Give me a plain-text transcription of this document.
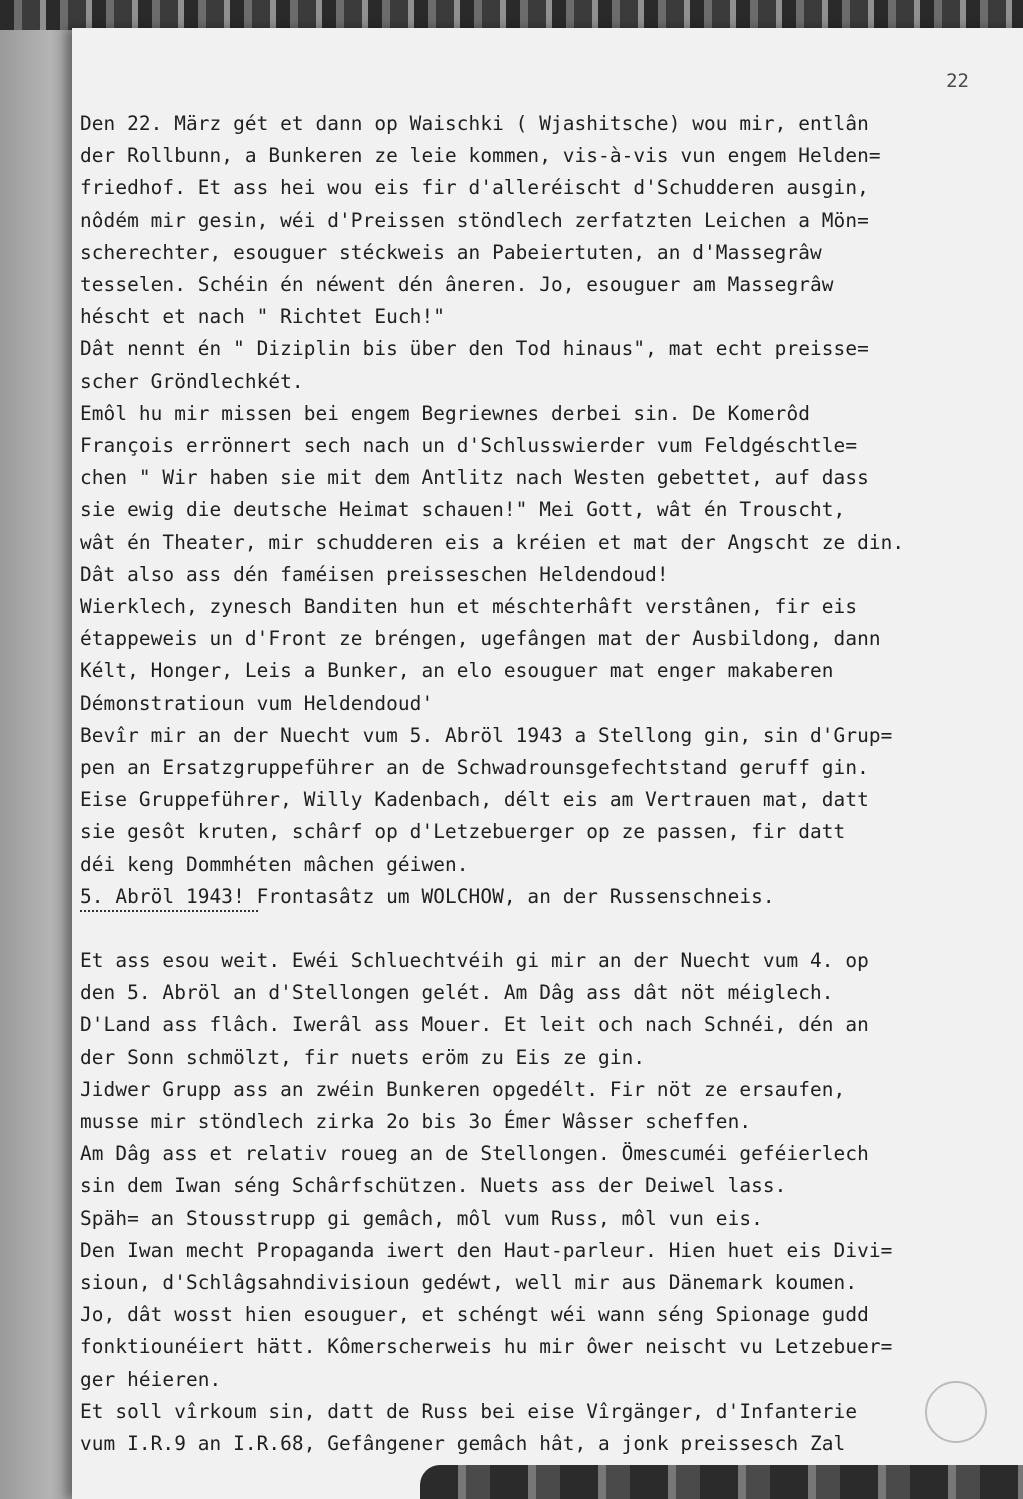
22
Den 22. März gét et dann op Waischki ( Wjashitsche) wou mir, entlân
der Rollbunn, a Bunkeren ze leie kommen, vis-à-vis vun engem Helden=
friedhof. Et ass hei wou eis fir d'alleréischt d'Schudderen ausgin,
nôdém mir gesin, wéi d'Preissen stöndlech zerfatzten Leichen a Mön=
scherechter, esouguer stéckweis an Pabeiertuten, an d'Massegrâw
tesselen. Schéin én néwent dén âneren. Jo, esouguer am Massegrâw
héscht et nach " Richtet Euch!"
Dât nennt én " Diziplin bis über den Tod hinaus", mat echt preisse=
scher Gröndlechkét.
Emôl hu mir missen bei engem Begriewnes derbei sin. De Komerôd
François errönnert sech nach un d'Schlusswierder vum Feldgéschtle=
chen " Wir haben sie mit dem Antlitz nach Westen gebettet, auf dass
sie ewig die deutsche Heimat schauen!" Mei Gott, wât én Trouscht,
wât én Theater, mir schudderen eis a kréien et mat der Angscht ze din.
Dât also ass dén faméisen preisseschen Heldendoud!
Wierklech, zynesch Banditen hun et méschterhâft verstânen, fir eis
étappeweis un d'Front ze bréngen, ugefângen mat der Ausbildong, dann
Kélt, Honger, Leis a Bunker, an elo esouguer mat enger makaberen
Démonstratioun vum Heldendoud'
Bevîr mir an der Nuecht vum 5. Abröl 1943 a Stellong gin, sin d'Grup=
pen an Ersatzgruppeführer an de Schwadrounsgefechtstand geruff gin.
Eise Gruppeführer, Willy Kadenbach, délt eis am Vertrauen mat, datt
sie gesôt kruten, schârf op d'Letzebuerger op ze passen, fir datt
déi keng Dommhéten mâchen géiwen.
5. Abröl 1943! Frontasâtz um WOLCHOW, an der Russenschneis.
Et ass esou weit. Ewéi Schluechtvéih gi mir an der Nuecht vum 4. op
den 5. Abröl an d'Stellongen gelét. Am Dâg ass dât nöt méiglech.
D'Land ass flâch. Iwerâl ass Mouer. Et leit och nach Schnéi, dén an
der Sonn schmölzt, fir nuets eröm zu Eis ze gin.
Jidwer Grupp ass an zwéin Bunkeren opgedélt. Fir nöt ze ersaufen,
musse mir stöndlech zirka 2o bis 3o Émer Wâsser scheffen.
Am Dâg ass et relativ roueg an de Stellongen. Ömescuméi geféierlech
sin dem Iwan séng Schârfschützen. Nuets ass der Deiwel lass.
Späh= an Stousstrupp gi gemâch, môl vum Russ, môl vun eis.
Den Iwan mecht Propaganda iwert den Haut-parleur. Hien huet eis Divi=
sioun, d'Schlâgsahndivisioun gedéwt, well mir aus Dänemark koumen.
Jo, dât wosst hien esouguer, et schéngt wéi wann séng Spionage gudd
fonktiounéiert hätt. Kômerscherweis hu mir ôwer neischt vu Letzebuer=
ger héieren.
Et soll vîrkoum sin, datt de Russ bei eise Vîrgänger, d'Infanterie
vum I.R.9 an I.R.68, Gefângener gemâch hât, a jonk preissesch Zal
